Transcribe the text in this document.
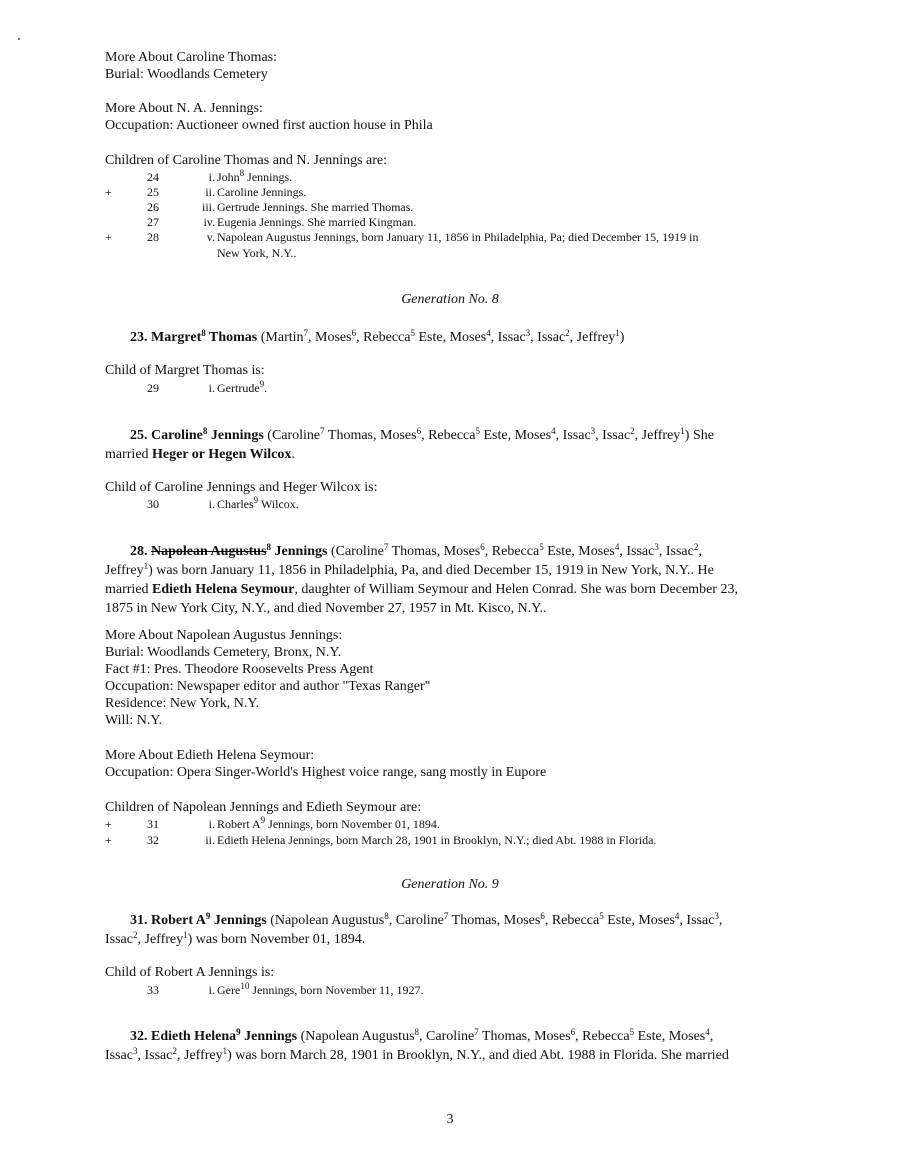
More About Caroline Thomas:
Burial: Woodlands Cemetery
More About N. A. Jennings:
Occupation: Auctioneer owned first auction house in Phila
Children of Caroline Thomas and N. Jennings are:
24	i. John$^8$ Jennings.
+	25	ii. Caroline Jennings.
26	iii. Gertrude Jennings. She married Thomas.
27	iv. Eugenia Jennings. She married Kingman.
+	28	v. Napolean Augustus Jennings, born January 11, 1856 in Philadelphia, Pa; died December 15, 1919 in
New York, N.Y..
Generation No. 8
23. Margret$^8$ Thomas (Martin$^7$, Moses$^6$, Rebecca$^5$ Este, Moses$^4$, Issac$^3$, Issac$^2$, Jeffrey$^1$)
Child of Margret Thomas is:
29	i. Gertrude$^9$.
25. Caroline$^8$ Jennings (Caroline$^7$ Thomas, Moses$^6$, Rebecca$^5$ Este, Moses$^4$, Issac$^3$, Issac$^2$, Jeffrey$^1$) She
married Heger or Hegen Wilcox.
Child of Caroline Jennings and Heger Wilcox is:
30	i. Charles$^9$ Wilcox.
28. Napolean Augustus$^8$ Jennings (Caroline$^7$ Thomas, Moses$^6$, Rebecca$^5$ Este, Moses$^4$, Issac$^3$, Issac$^2$,
Jeffrey$^1$) was born January 11, 1856 in Philadelphia, Pa, and died December 15, 1919 in New York, N.Y.. He
married Edieth Helena Seymour, daughter of William Seymour and Helen Conrad. She was born December 23,
1875 in New York City, N.Y., and died November 27, 1957 in Mt. Kisco, N.Y..
More About Napolean Augustus Jennings:
Burial: Woodlands Cemetery, Bronx, N.Y.
Fact #1: Pres. Theodore Roosevelts Press Agent
Occupation: Newspaper editor and author "Texas Ranger"
Residence: New York, N.Y.
Will: N.Y.
More About Edieth Helena Seymour:
Occupation: Opera Singer-World's Highest voice range, sang mostly in Eupore
Children of Napolean Jennings and Edieth Seymour are:
+	31	i. Robert $A^9$ Jennings, born November 01, 1894.
+	32	ii. Edieth Helena Jennings, born March 28, 1901 in Brooklyn, N.Y.; died Abt. 1988 in Florida.
Generation No. 9
31. Robert $A^9$ Jennings (Napolean Augustus$^8$, Caroline$^7$ Thomas, Moses$^6$, Rebecca$^5$ Este, Moses$^4$, Issac$^3$,
Issac$^2$, Jeffrey$^1$) was born November 01, 1894.
Child of Robert A Jennings is:
33	i. Gere$^{10}$ Jennings, born November 11, 1927.
32. Edieth Helena$^9$ Jennings (Napolean Augustus$^8$, Caroline$^7$ Thomas, Moses$^6$, Rebecca$^5$ Este, Moses$^4$,
Issac$^3$, Issac$^2$, Jeffrey$^1$) was born March 28, 1901 in Brooklyn, N.Y., and died Abt. 1988 in Florida. She married
3
